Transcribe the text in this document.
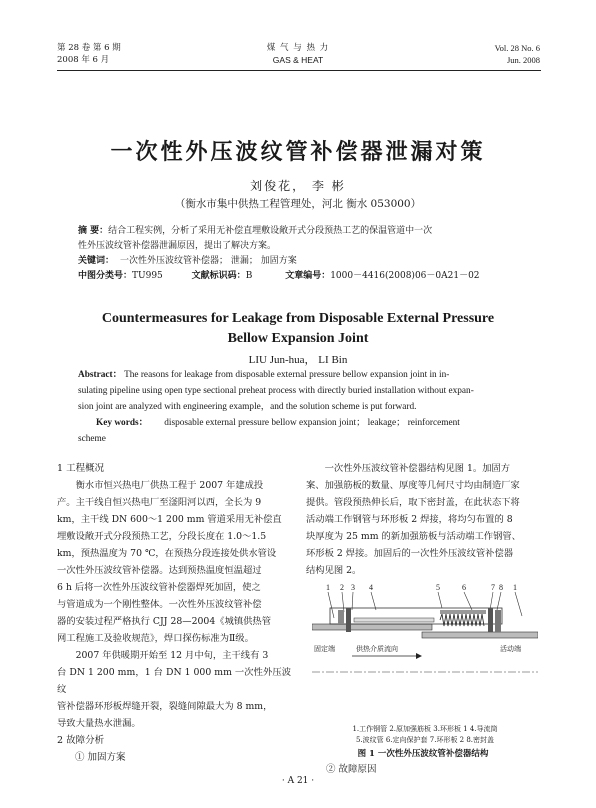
第 28 卷 第 6 期
2008 年 6 月
煤 气 与 热 力
GAS & HEAT
Vol. 28 No. 6
Jun. 2008
一次性外压波纹管补偿器泄漏对策
刘俊花， 李 彬
（衡水市集中供热工程管理处，河北 衡水 053000）
摘 要：结合工程实例，分析了采用无补偿直埋敷设敞开式分段预热工艺的保温管道中一次
性外压波纹管补偿器泄漏原因，提出了解决方案。
关键词： 一次性外压波纹管补偿器； 泄漏； 加固方案
中图分类号：TU995	文献标识码：B	文章编号：1000－4416(2008)06－0A21－02
Countermeasures for Leakage from Disposable External Pressure
Bellow Expansion Joint
LIU Jun-hua， LI Bin
Abstract： The reasons for leakage from disposable external pressure bellow expansion joint in in-
sulating pipeline using open type sectional preheat process with directly buried installation without expan-
sion joint are analyzed with engineering example，and the solution scheme is put forward.
Key words： disposable external pressure bellow expansion joint； leakage； reinforcement
scheme
1 工程概况
衡水市恒兴热电厂供热工程于 2007 年建成投
产。主干线自恒兴热电厂至滏阳河以西，全长为 9
km，主干线 DN 600～1 200 mm 管道采用无补偿直
埋敷设敞开式分段预热工艺，分段长度在 1.0～1.5
km，预热温度为 70 ℃，在预热分段连接处供水管设
一次性外压波纹管补偿器。达到预热温度恒温超过
6 h 后将一次性外压波纹管补偿器焊死加固，使之
与管道成为一个刚性整体。一次性外压波纹管补偿
器的安装过程严格执行 CJJ 28—2004《城镇供热管
网工程施工及验收规范》，焊口探伤标准为Ⅱ级。
2007 年供暖期开始至 12 月中旬，主干线有 3
台 DN 1 200 mm，1 台 DN 1 000 mm 一次性外压波纹
管补偿器环形板焊缝开裂，裂缝间隙最大为 8 mm，
导致大量热水泄漏。
2 故障分析
① 加固方案
一次性外压波纹管补偿器结构见图 1。加固方
案、加强筋板的数量、厚度等几何尺寸均由制造厂家
提供。管段预热伸长后，取下密封盖，在此状态下将
活动端工作钢管与环形板 2 焊接，将均匀布置的 8
块厚度为 25 mm 的新加强筋板与活动端工作钢管、
环形板 2 焊接。加固后的一次性外压波纹管补偿器
结构见图 2。
1 2 3 4	5	6	7 8 1
固定端	供热介质流向	活动端
1.工作钢管 2.原加强筋板 3.环形板 1 4.导流筒
5.波纹管 6.定向保护套 7.环形板 2 8.密封盖
图 1 一次性外压波纹管补偿器结构
② 故障原因
· A 21 ·
